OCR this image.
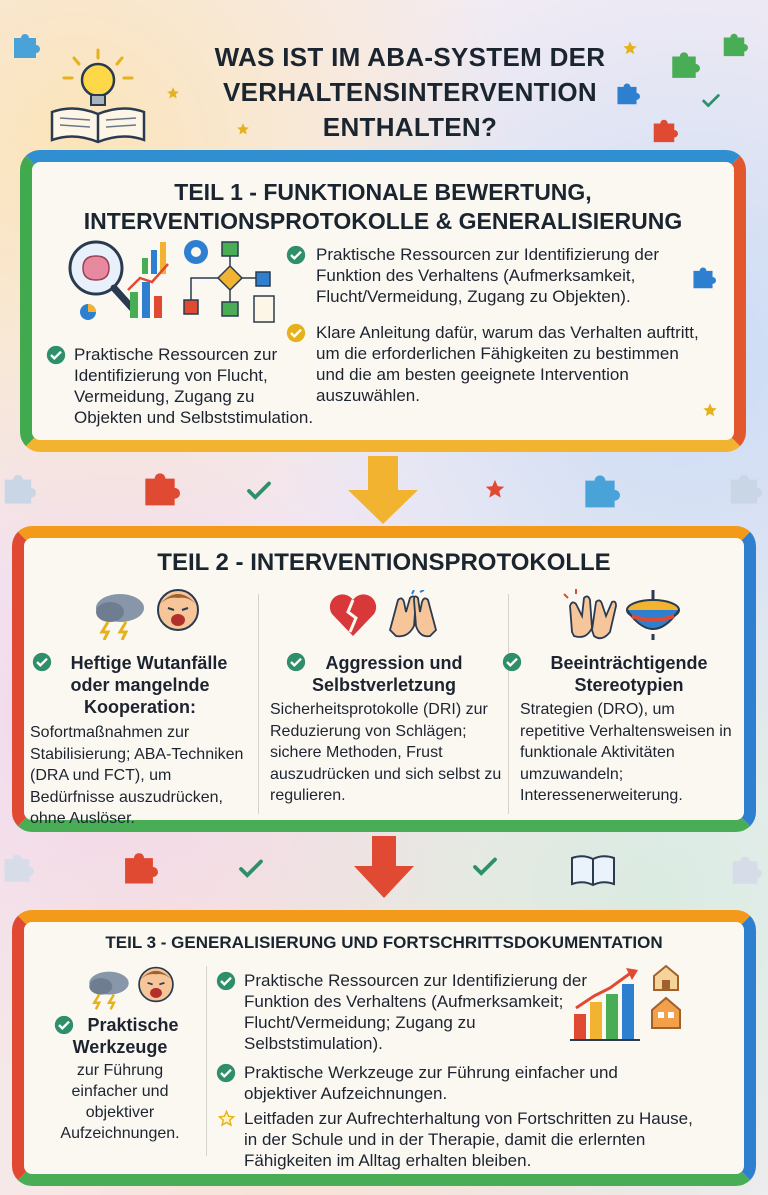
WAS IST IM ABA-SYSTEM DER
VERHALTENSINTERVENTION
ENTHALTEN?
TEIL 1 - FUNKTIONALE BEWERTUNG,
INTERVENTIONSPROTOKOLLE & GENERALISIERUNG
Praktische Ressourcen zur Identifizierung der Funktion des Verhaltens (Aufmerksamkeit, Flucht/Vermeidung, Zugang zu Objekten).
Klare Anleitung dafür, warum das Verhalten auftritt, um die erforderlichen Fähigkeiten zu bestimmen und die am besten geeignete Intervention auszuwählen.
Praktische Ressourcen zur Identifizierung von Flucht, Vermeidung, Zugang zu Objekten und Selbststimulation.
TEIL 2 - INTERVENTIONSPROTOKOLLE
Heftige Wutanfälle
oder mangelnde
Kooperation:
Sofortmaßnahmen zur Stabilisierung; ABA-Techniken (DRA und FCT), um Bedürfnisse auszudrücken, ohne Auslöser.
Aggression und
Selbstverletzung
Sicherheitsprotokolle (DRI) zur Reduzierung von Schlägen; sichere Methoden, Frust auszudrücken und sich selbst zu regulieren.
Beeinträchtigende
Stereotypien
Strategien (DRO), um repetitive Verhaltensweisen in funktionale Aktivitäten umzuwandeln; Interessenerweiterung.
TEIL 3 - GENERALISIERUNG UND FORTSCHRITTSDOKUMENTATION
Praktische
Werkzeuge
zur Führung einfacher und objektiver Aufzeichnungen.
Praktische Ressourcen zur Identifizierung der Funktion des Verhaltens (Aufmerksamkeit; Flucht/Vermeidung; Zugang zu Selbststimulation).
Praktische Werkzeuge zur Führung einfacher und objektiver Aufzeichnungen.
Leitfaden zur Aufrechterhaltung von Fortschritten zu Hause, in der Schule und in der Therapie, damit die erlernten Fähigkeiten im Alltag erhalten bleiben.
